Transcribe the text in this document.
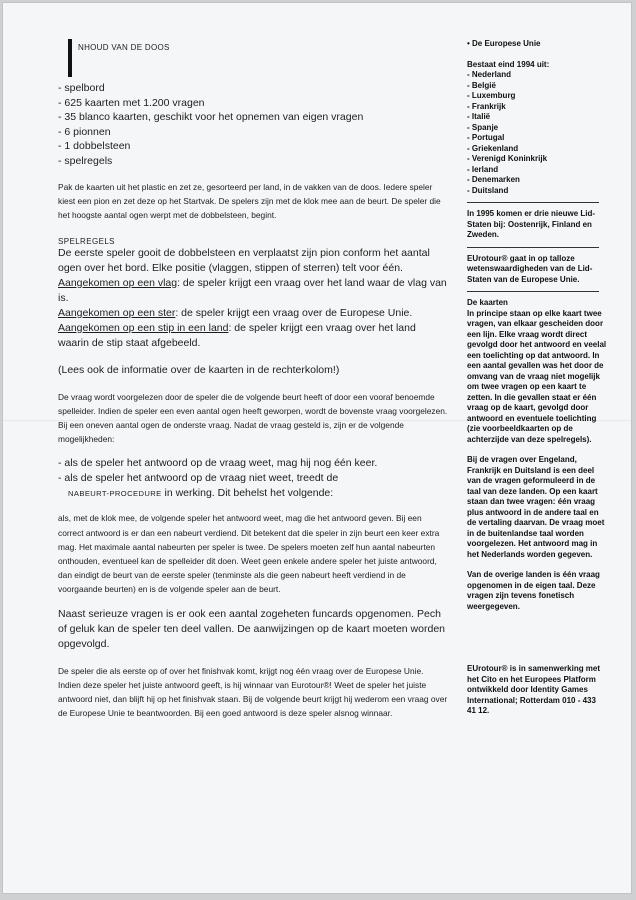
NHOUD VAN DE DOOS
- spelbord
- 625 kaarten met 1.200 vragen
- 35 blanco kaarten, geschikt voor het opnemen van eigen vragen
- 6 pionnen
- 1 dobbelsteen
- spelregels

Pak de kaarten uit het plastic en zet ze, gesorteerd per land, in de vakken van de doos. Iedere speler kiest een pion en zet deze op het Startvak. De spelers zijn met de klok mee aan de beurt. De speler die het hoogste aantal ogen werpt met de dobbelsteen, begint.

SPELREGELS

De eerste speler gooit de dobbelsteen en verplaatst zijn pion conform het aantal ogen over het bord. Elke positie (vlaggen, stippen of sterren) telt voor één.

Aangekomen op een vlag: de speler krijgt een vraag over het land waar de vlag van is.

Aangekomen op een ster: de speler krijgt een vraag over de Europese Unie.

Aangekomen op een stip in een land: de speler krijgt een vraag over het land waarin de stip staat afgebeeld.

(Lees ook de informatie over de kaarten in de rechterkolom!)

De vraag wordt voorgelezen door de speler die de volgende beurt heeft of door een vooraf benoemde spelleider. Indien de speler een even aantal ogen heeft geworpen, wordt de bovenste vraag voorgelezen. Bij een oneven aantal ogen de onderste vraag. Nadat de vraag gesteld is, zijn er de volgende mogelijkheden:

- als de speler het antwoord op de vraag weet, mag hij nog één keer.

- als de speler het antwoord op de vraag niet weet, treedt de
NABEURT-PROCEDURE in werking. Dit behelst het volgende:

als, met de klok mee, de volgende speler het antwoord weet, mag die het antwoord geven. Bij een correct antwoord is er dan een nabeurt verdiend. Dit betekent dat die speler in zijn beurt een keer extra mag. Het maximale aantal nabeurten per speler is twee. De spelers moeten zelf hun aantal nabeurten onthouden, eventueel kan de spelleider dit doen. Weet geen enkele andere speler het juiste antwoord, dan eindigt de beurt van de eerste speler (tenminste als die geen nabeurt heeft verdiend in de voorgaande beurten) en is de volgende speler aan de beurt.

Naast serieuze vragen is er ook een aantal zogeheten funcards opgenomen. Pech of geluk kan de speler ten deel vallen. De aanwijzingen op de kaart moeten worden opgevolgd.

De speler die als eerste op of over het finishvak komt, krijgt nog één vraag over de Europese Unie. Indien deze speler het juiste antwoord geeft, is hij winnaar van Eurotour®! Weet de speler het juiste antwoord niet, dan blijft hij op het finishvak staan. Bij de volgende beurt krijgt hij wederom een vraag over de Europese Unie te beantwoorden. Bij een goed antwoord is deze speler alsnog winnaar.

• De Europese Unie
Bestaat eind 1994 uit:
- Nederland
- België
- Luxemburg
- Frankrijk
- Italië
- Spanje
- Portugal
- Griekenland
- Verenigd Koninkrijk
- Ierland
- Denemarken
- Duitsland
In 1995 komen er drie nieuwe Lid-Staten bij: Oostenrijk, Finland en Zweden.
EUrotour® gaat in op talloze wetenswaardigheden van de Lid-Staten van de Europese Unie.
De kaarten
In principe staan op elke kaart twee vragen, van elkaar gescheiden door een lijn. Elke vraag wordt direct gevolgd door het antwoord en veelal een toelichting op dat antwoord. In een aantal gevallen was het door de omvang van de vraag niet mogelijk om twee vragen op een kaart te zetten. In die gevallen staat er één vraag op de kaart, gevolgd door antwoord en eventuele toelichting (zie voorbeeldkaarten op de achterzijde van deze spelregels).
Bij de vragen over Engeland, Frankrijk en Duitsland is een deel van de vragen geformuleerd in de taal van deze landen. Op een kaart staan dan twee vragen: één vraag plus antwoord in de andere taal en de vertaling daarvan. De vraag moet in de buitenlandse taal worden voorgelezen. Het antwoord mag in het Nederlands worden gegeven.
Van de overige landen is één vraag opgenomen in de eigen taal. Deze vragen zijn tevens fonetisch weergegeven.
EUrotour® is in samenwerking met het Cito en het Europees Platform ontwikkeld door Identity Games International; Rotterdam 010 - 433 41 12.
